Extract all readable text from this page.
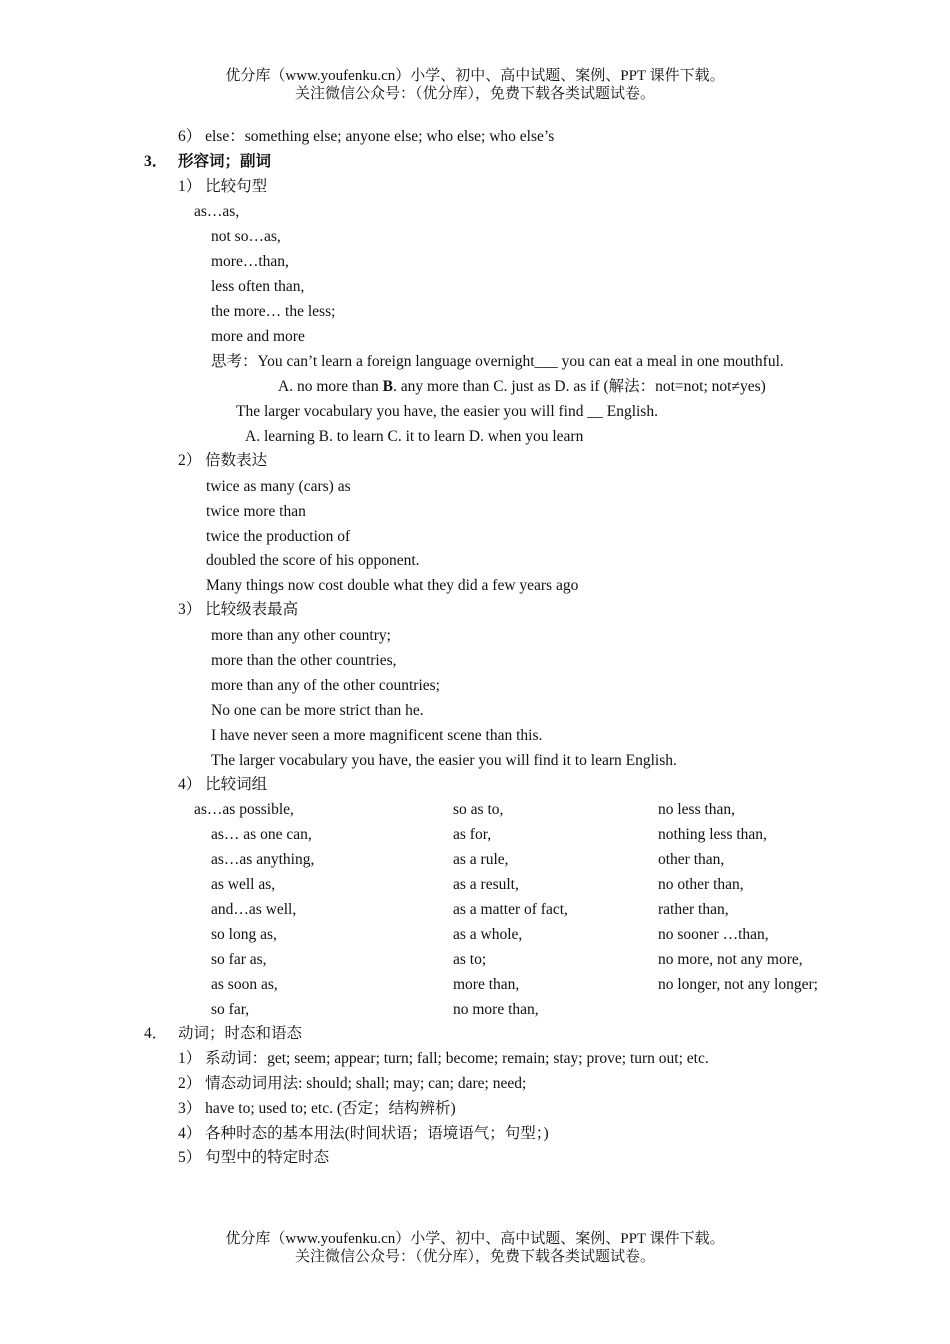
优分库（www.youfenku.cn）小学、初中、高中试题、案例、PPT 课件下载。
关注微信公众号：（优分库），免费下载各类试题试卷。
6） else：something else; anyone else; who else; who else’s
3． 形容词；副词
1） 比较句型
as…as,
not so…as,
more…than,
less often than,
the more… the less;
more and more
思考：You can’t learn a foreign language overnight___ you can eat a meal in one mouthful.
A. no more than B. any more than C. just as D. as if (解法：not=not; not≠yes)
The larger vocabulary you have, the easier you will find __ English.
A. learning B. to learn C. it to learn D. when you learn
2） 倍数表达
twice as many (cars) as
twice more than
twice the production of
doubled the score of his opponent.
Many things now cost double what they did a few years ago
3） 比较级表最高
more than any other country;
more than the other countries,
more than any of the other countries;
No one can be more strict than he.
I have never seen a more magnificent scene than this.
The larger vocabulary you have, the easier you will find it to learn English.
4） 比较词组
as…as possible,
as… as one can,
as…as anything,
as well as,
and…as well,
so long as,
so far as,
as soon as,
so far,
so as to,
as for,
as a rule,
as a result,
as a matter of fact,
as a whole,
as to;
more than,
no more than,
no less than,
nothing less than,
other than,
no other than,
rather than,
no sooner …than,
no more, not any more,
no longer, not any longer;
4． 动词；时态和语态
1） 系动词：get; seem; appear; turn; fall; become; remain; stay; prove; turn out; etc.
2） 情态动词用法: should; shall; may; can; dare; need;
3） have to; used to; etc. (否定；结构辨析)
4） 各种时态的基本用法(时间状语；语境语气；句型；)
5） 句型中的特定时态
优分库（www.youfenku.cn）小学、初中、高中试题、案例、PPT 课件下载。
关注微信公众号：（优分库），免费下载各类试题试卷。
